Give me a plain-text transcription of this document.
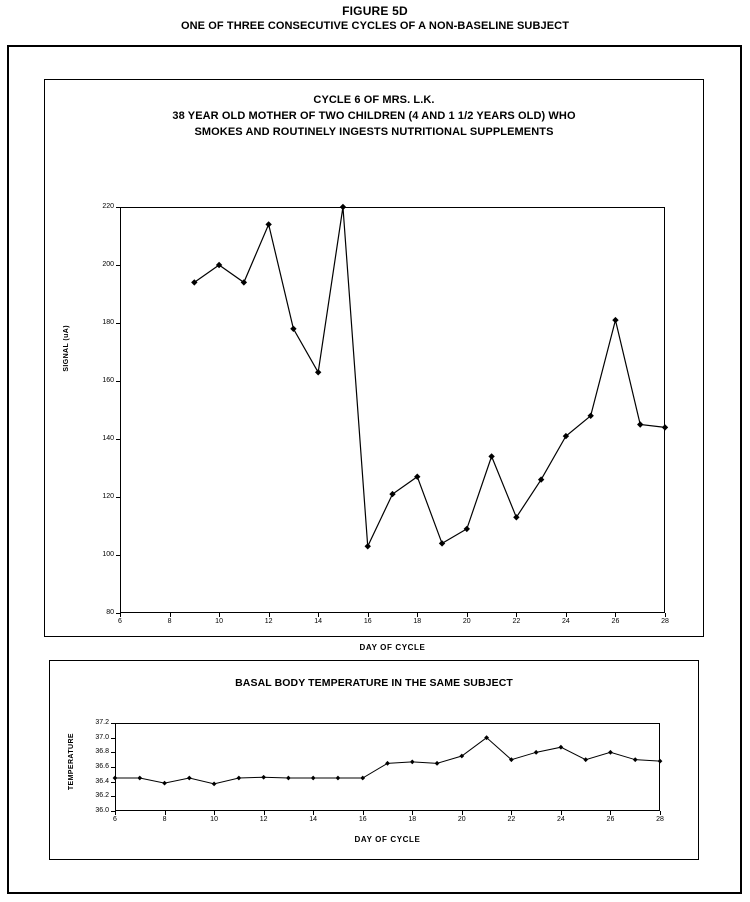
FIGURE 5D
ONE OF THREE CONSECUTIVE CYCLES OF A NON-BASELINE SUBJECT
CYCLE 6 OF MRS. L.K.
38 YEAR OLD MOTHER OF TWO CHILDREN (4 AND 1 1/2 YEARS OLD) WHO
SMOKES AND ROUTINELY INGESTS NUTRITIONAL SUPPLEMENTS
SIGNAL (uA)
DAY OF CYCLE
6	8	10	12	14	16	18	20	22	24	26	28
80
100
120
140
160
180
200
220
BASAL BODY TEMPERATURE IN THE SAME SUBJECT
TEMPERATURE
DAY OF CYCLE
6	8	10	12	14	16	18	20	22	24	26	28
36.0
36.2
36.4
36.6
36.8
37.0
37.2
